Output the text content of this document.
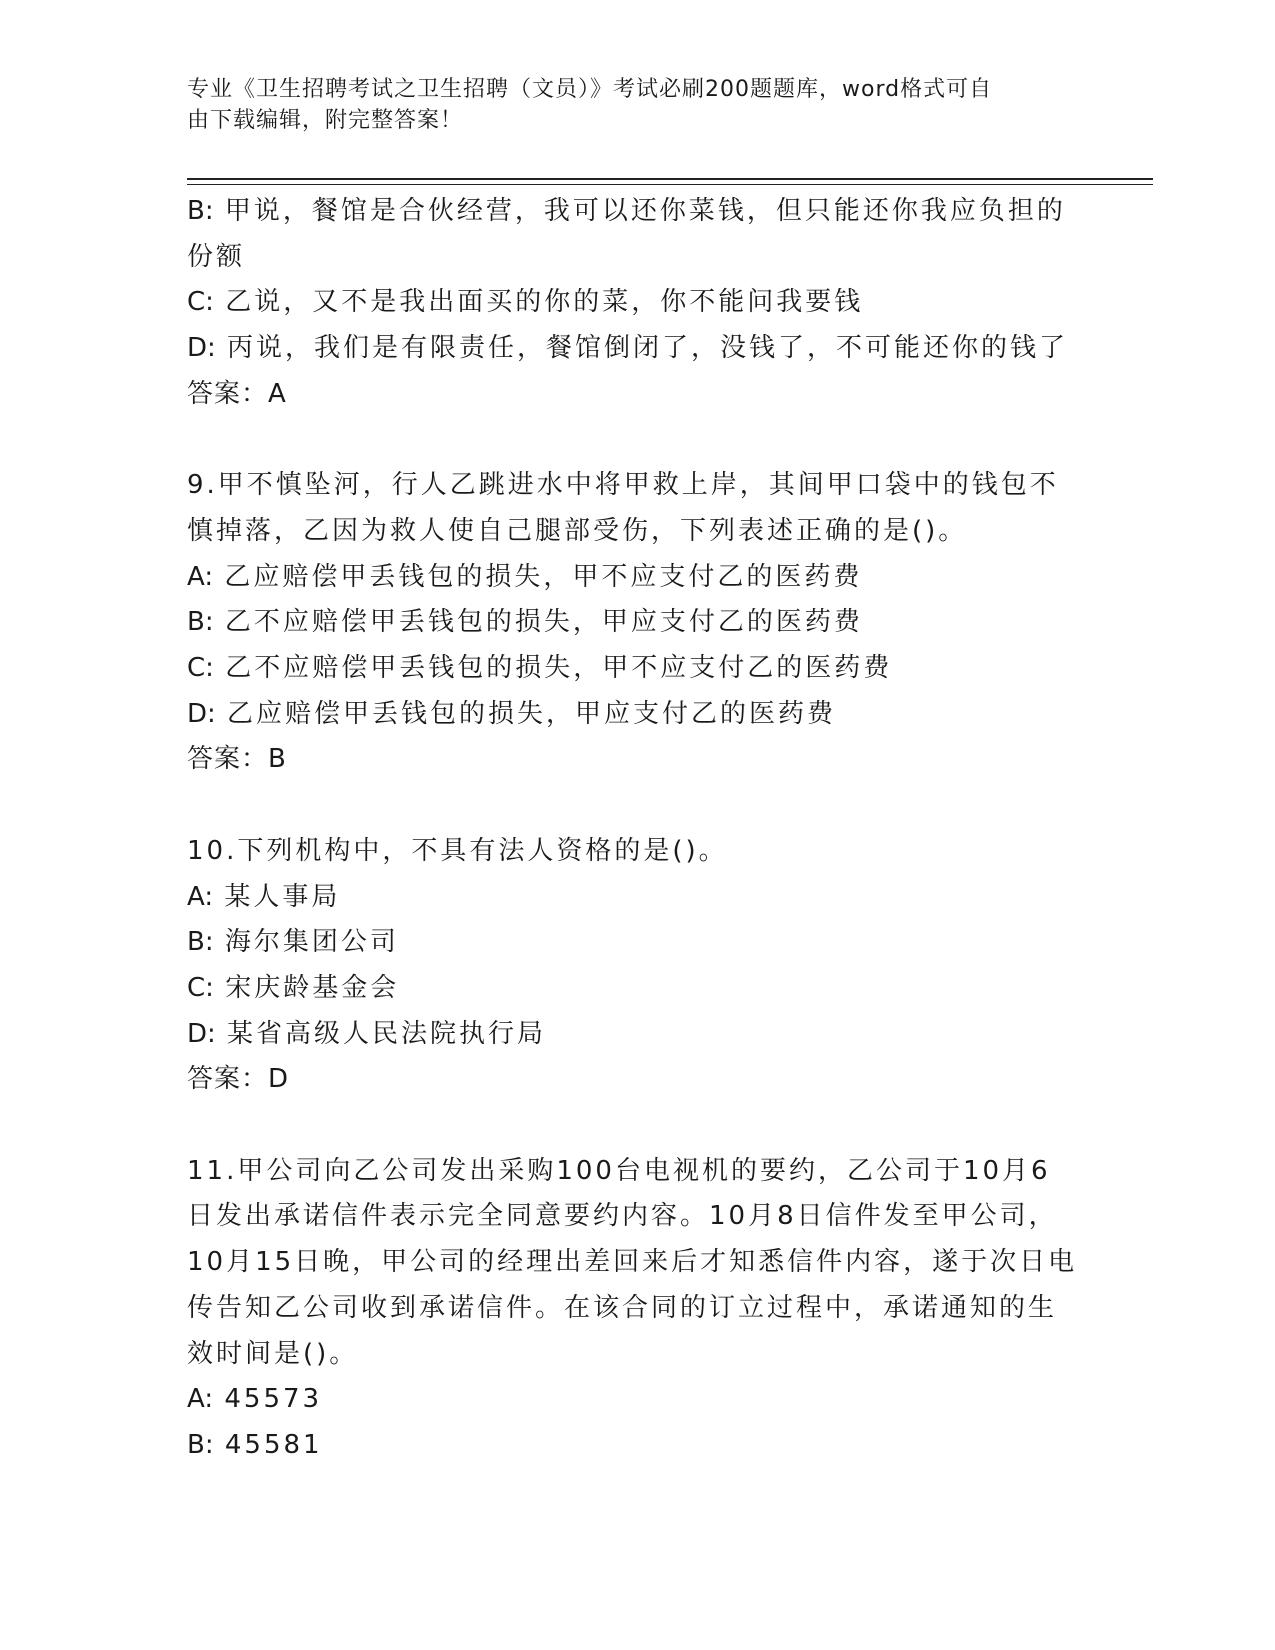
专业《卫生招聘考试之卫生招聘（文员）》考试必刷200题题库，word格式可自
由下载编辑，附完整答案！
B: 甲说，餐馆是合伙经营，我可以还你菜钱，但只能还你我应负担的
份额
C: 乙说，又不是我出面买的你的菜，你不能问我要钱
D: 丙说，我们是有限责任，餐馆倒闭了，没钱了，不可能还你的钱了
答案：A
9.甲不慎坠河，行人乙跳进水中将甲救上岸，其间甲口袋中的钱包不
慎掉落，乙因为救人使自己腿部受伤，下列表述正确的是()。
A: 乙应赔偿甲丢钱包的损失，甲不应支付乙的医药费
B: 乙不应赔偿甲丢钱包的损失，甲应支付乙的医药费
C: 乙不应赔偿甲丢钱包的损失，甲不应支付乙的医药费
D: 乙应赔偿甲丢钱包的损失，甲应支付乙的医药费
答案：B
10.下列机构中，不具有法人资格的是()。
A: 某人事局
B: 海尔集团公司
C: 宋庆龄基金会
D: 某省高级人民法院执行局
答案：D
11.甲公司向乙公司发出采购100台电视机的要约，乙公司于10月6
日发出承诺信件表示完全同意要约内容。10月8日信件发至甲公司，
10月15日晚，甲公司的经理出差回来后才知悉信件内容，遂于次日电
传告知乙公司收到承诺信件。在该合同的订立过程中，承诺通知的生
效时间是()。
A: 45573
B: 45581
